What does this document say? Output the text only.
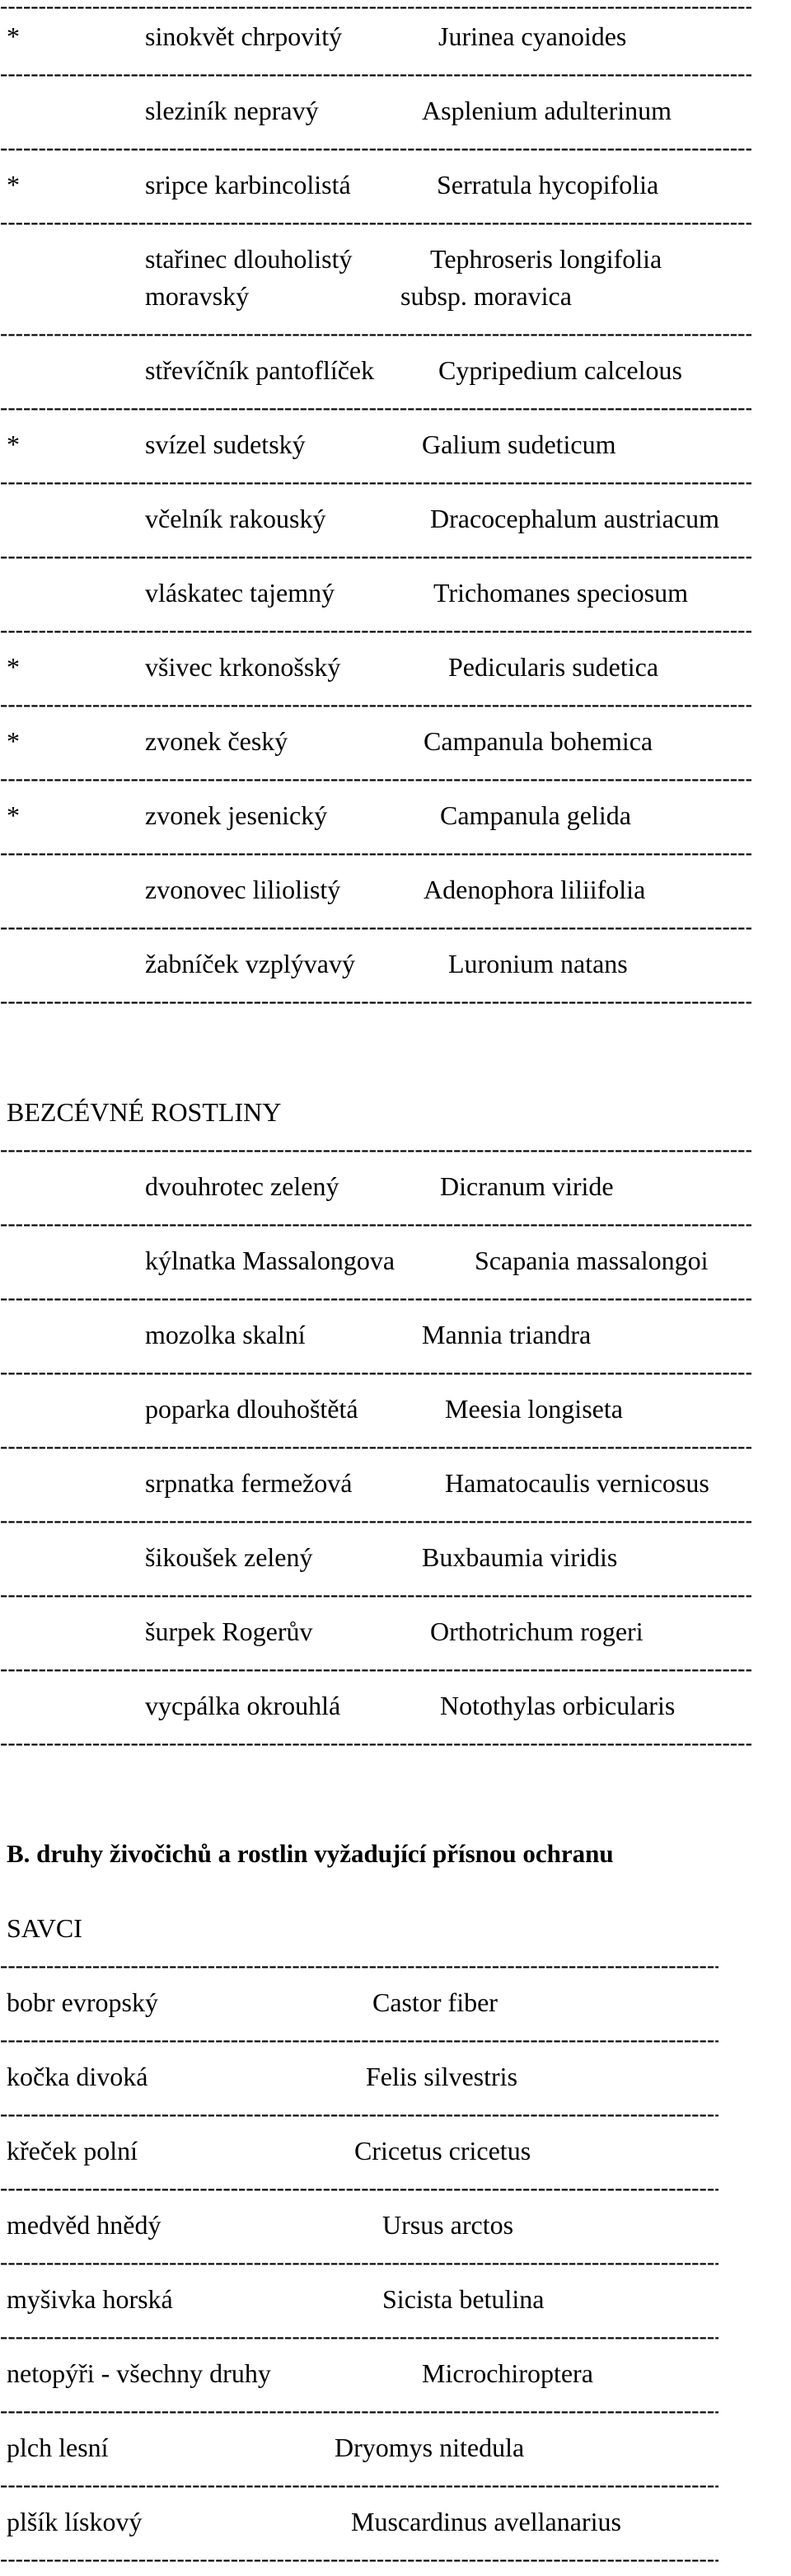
-----
*	sinokvět chrpovitý	Jurinea cyanoides
-----
sleziník nepravý	Asplenium adulterinum
-----
*	sripce karbincolistá	Serratula hycopifolia
-----
stařinec dlouholistý	Tephroseris longifolia
moravský	subsp. moravica
-----
střevíčník pantoflíček Cypripedium calcelous
-----
*	svízel sudetský	Galium sudeticum
-----
včelník rakouský	Dracocephalum austriacum
-----
vláskatec tajemný	Trichomanes speciosum
-----
*	všivec krkonošský	Pedicularis sudetica
-----
*	zvonek český	Campanula bohemica
-----
*	zvonek jesenický	Campanula gelida
-----
zvonovec liliolistý	Adenophora liliifolia
-----
žabníček vzplývavý	Luronium natans
-----
BEZCÉVNÉ ROSTLINY
-----
dvouhrotec zelený	Dicranum viride
-----
kýlnatka Massalongova	Scapania massalongoi
-----
mozolka skalní	Mannia triandra
-----
poparka dlouhoštětá	Meesia longiseta
-----
srpnatka fermežová	Hamatocaulis vernicosus
-----
šikoušek zelený	Buxbaumia viridis
-----
šurpek Rogerův	Orthotrichum rogeri
-----
vycpálka okrouhlá	Notothylas orbicularis
-----
B. druhy živočichů a rostlin vyžadující přísnou ochranu
SAVCI
-----
bobr evropský	Castor fiber
-----
kočka divoká	Felis silvestris
-----
křeček polní	Cricetus cricetus
-----
medvěd hnědý	Ursus arctos
-----
myšivka horská	Sicista betulina
-----
netopýři - všechny druhy	Microchiroptera
-----
plch lesní	Dryomys nitedula
-----
plšík lískový	Muscardinus avellanarius
-----
